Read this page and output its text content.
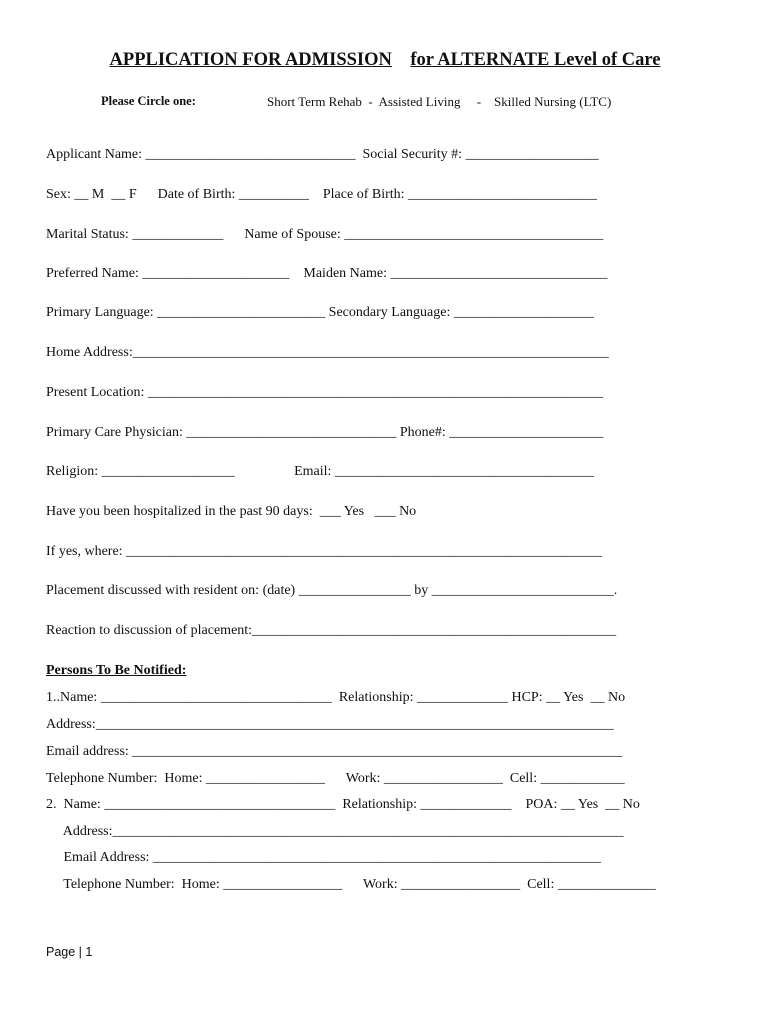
APPLICATION FOR ADMISSION for ALTERNATE Level of Care
Please Circle one:	Short Term Rehab  -  Assisted Living     -    Skilled Nursing (LTC)
Applicant Name: ______________________________  Social Security #: ___________________
Sex: __ M  __ F      Date of Birth: __________    Place of Birth: ___________________________
Marital Status: _____________      Name of Spouse: _____________________________________
Preferred Name: _____________________    Maiden Name: _______________________________
Primary Language: ________________________ Secondary Language: ____________________
Home Address:____________________________________________________________________
Present Location: _________________________________________________________________
Primary Care Physician: ______________________________ Phone#: ______________________
Religion: ___________________                 Email: _____________________________________
Have you been hospitalized in the past 90 days:  ___ Yes   ___ No
If yes, where: ____________________________________________________________________
Placement discussed with resident on: (date) ________________ by __________________________.
Reaction to discussion of placement:____________________________________________________
Persons To Be Notified:
1..Name: _________________________________  Relationship: _____________ HCP: __ Yes  __ No
Address:__________________________________________________________________________
Email address: ______________________________________________________________________
Telephone Number:  Home: _________________      Work: _________________  Cell: ____________
2.  Name: _________________________________  Relationship: _____________    POA: __ Yes  __ No
Address:_________________________________________________________________________
Email Address: ________________________________________________________________
Telephone Number:  Home: _________________      Work: _________________  Cell: ______________
Page | 1
